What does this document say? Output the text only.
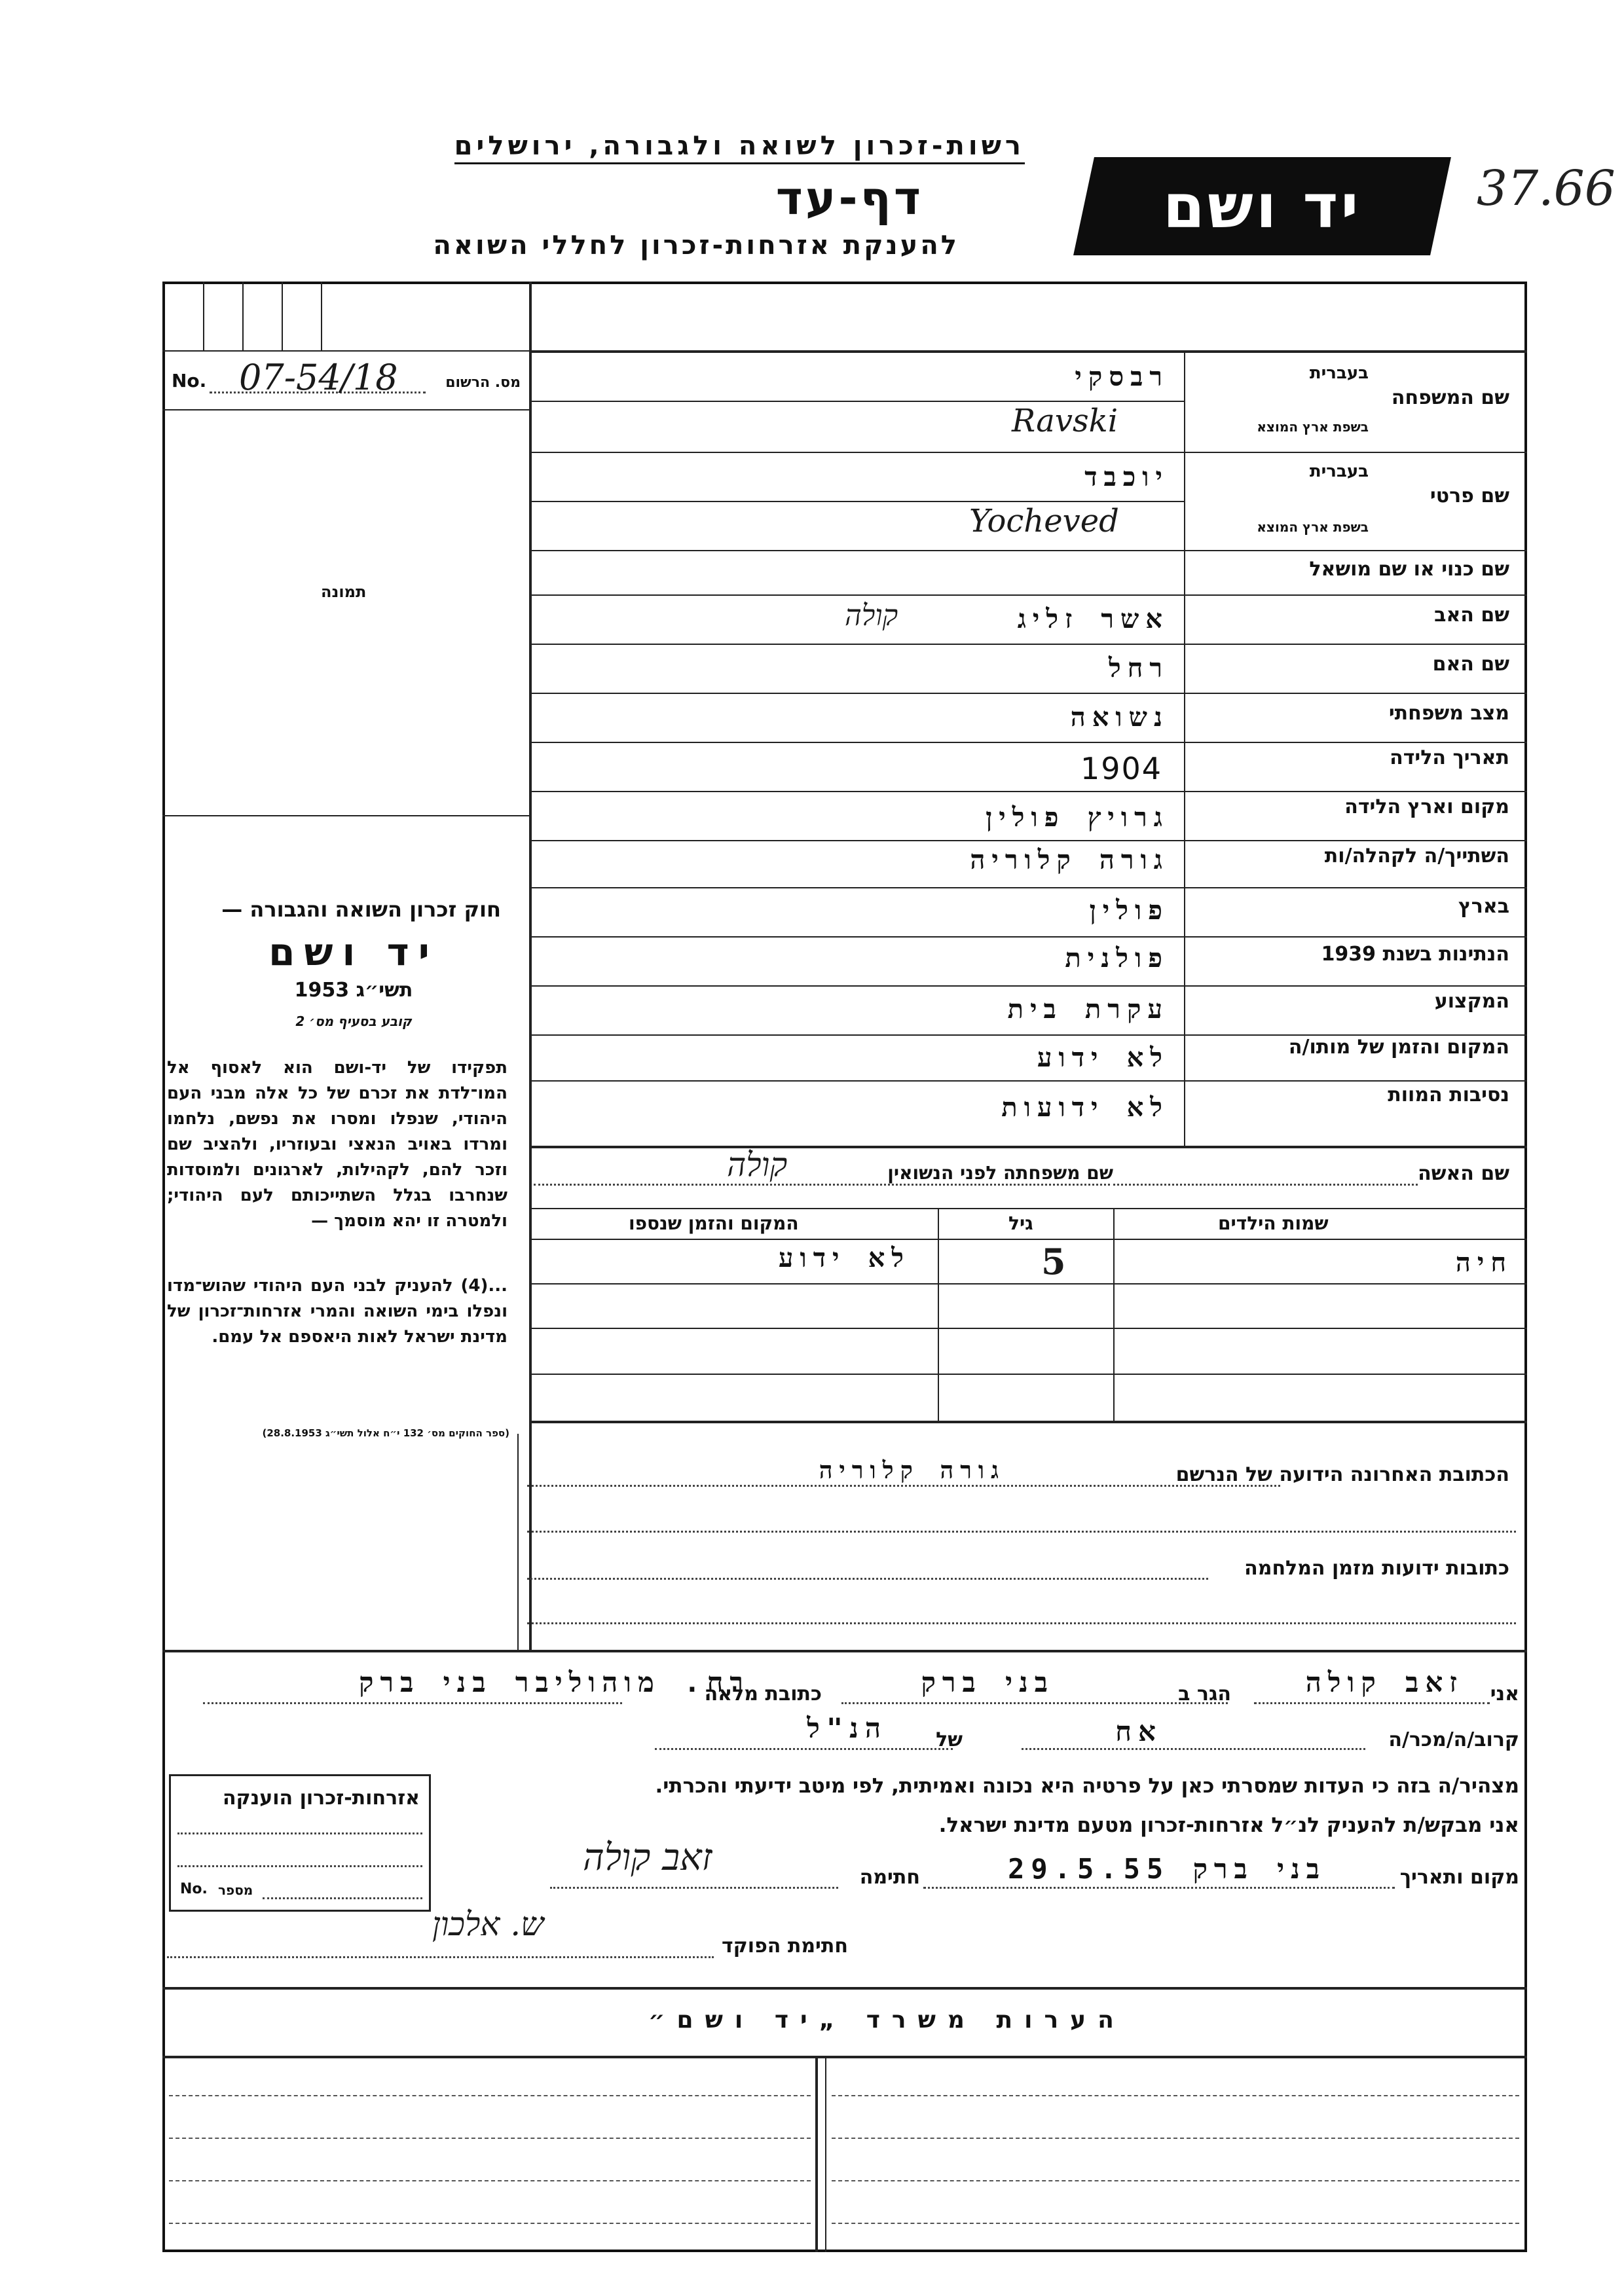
רשות-זכרון לשואה ולגבורה, ירושלים
דף-עד
להענקת אזרחות-זכרון לחללי השואה
יד ושם 37.66
No. 07-54/18	מס. הרשום
תמונה
חוק זכרון השואה והגבורה —
יד ושם
תשי״ג 1953
קובע בסעיף מס׳ 2
תפקידו של יד-ושם הוא לאסוף אל המו־לדת את זכרם של כל אלה מבני העם היהודי, שנפלו ומסרו את נפשם, נלחמו ומרדו באויב הנאצי ובעוזריו, ולהציב שם וזכר להם, לקהילות, לארגונים ולמוסדות שנחרבו בגלל השתייכותם לעם היהודי; ולמטרה זו יהא מוסמך —
...(4) להעניק לבני העם היהודי שהוש־מדו ונפלו בימי השואה והמרי אזרחות־זכרון של מדינת ישראל לאות היאספם אל עמם.
(ספר החוקים מס׳ 132 י״ח אלול תשי״ג 28.8.1953)
שם המשפחה
בעברית
בשפת ארץ המוצא
רבסקי
Ravski
שם פרטי
בעברית
בשפת ארץ המוצא
יוכבד
Yocheved
שם כנוי או שם מושאל
שם האב
אשר זליג
קולה
שם האם
רחל
מצב משפחתי
נשואה
תאריך הלידה
1904
מקום וארץ הלידה
גרויץ פולין
השתייך/ה לקהלה/ות
גורה קלוריה
בארץ
פולין
הנתינות בשנת 1939
פולנית
המקצוע
עקרת בית
המקום והזמן של מותו/ה
לא ידוע
נסיבות המוות
לא ידועות
שם האשה
שם משפחתה לפני הנשואין
קולה
שמות הילדים
גיל
המקום והזמן שנספו
חיה
5
לא ידוע
הכתובת האחרונה הידועה של הנרשם
גורה קלוריה
כתובות ידועות מזמן המלחמה
אני
זאב קולה
הגר ב
בני ברק
כתובת מלאה
רח. מוהוליבר בני ברק
קרוב/ה/מכר/ה
אח
של
הנ"ל
מצהיר/ה בזה כי העדות שמסרתי כאן על פרטיה היא נכונה ואמיתית, לפי מיטב ידיעתי והכרתי.
אני מבקש/ת להעניק לנ״ל אזרחות-זכרון מטעם מדינת ישראל.
מקום ותאריך
בני ברק 29.5.55
חתימה
זאב קולה
חתימת הפוקד
ש. אלכון
אזרחות-זכרון הוענקה
No. מספר
הערות משרד „יד ושם״
